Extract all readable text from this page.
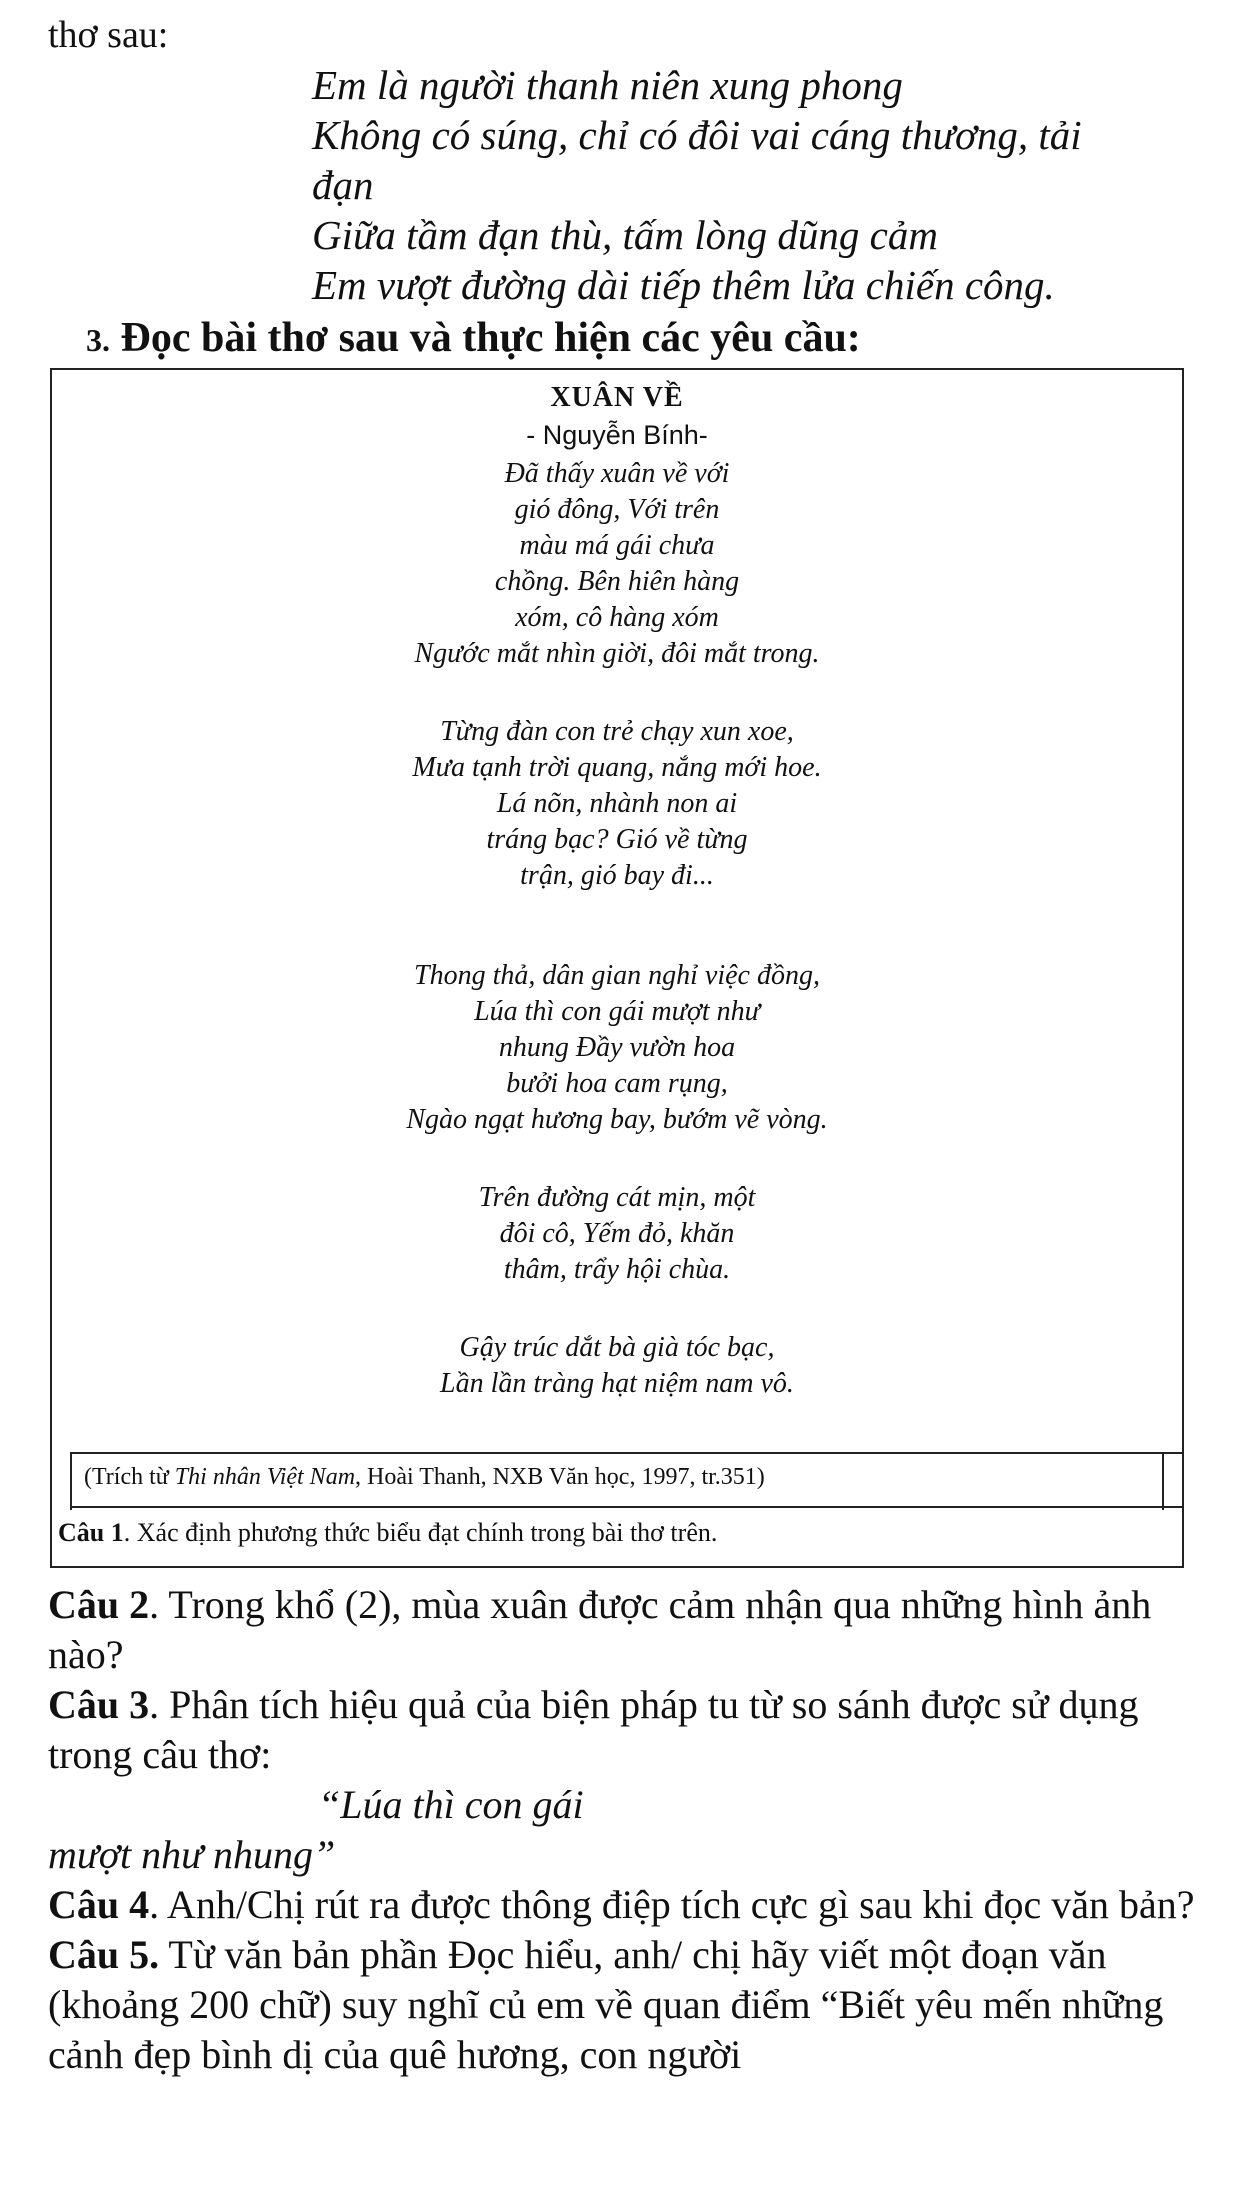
thơ sau:
Em là người thanh niên xung phong
Không có súng, chỉ có đôi vai cáng thương, tải
đạn
Giữa tầm đạn thù, tấm lòng dũng cảm
Em vượt đường dài tiếp thêm lửa chiến công.
3. Đọc bài thơ sau và thực hiện các yêu cầu:
XUÂN VỀ
- Nguyễn Bính-
Đã thấy xuân về với
gió đông, Với trên
màu má gái chưa
chồng. Bên hiên hàng
xóm, cô hàng xóm
Ngước mắt nhìn giời, đôi mắt trong.
Từng đàn con trẻ chạy xun xoe,
Mưa tạnh trời quang, nắng mới hoe.
Lá nõn, nhành non ai
tráng bạc? Gió về từng
trận, gió bay đi...
Thong thả, dân gian nghỉ việc đồng,
Lúa thì con gái mượt như
nhung Đầy vườn hoa
bưởi hoa cam rụng,
Ngào ngạt hương bay, bướm vẽ vòng.
Trên đường cát mịn, một
đôi cô, Yếm đỏ, khăn
thâm, trẩy hội chùa.
Gậy trúc dắt bà già tóc bạc,
Lần lần tràng hạt niệm nam vô.
(Trích từ Thi nhân Việt Nam, Hoài Thanh, NXB Văn học, 1997, tr.351)
Câu 1. Xác định phương thức biểu đạt chính trong bài thơ trên.

Câu 2. Trong khổ (2), mùa xuân được cảm nhận qua những hình ảnh nào?

Câu 3. Phân tích hiệu quả của biện pháp tu từ so sánh được sử dụng trong câu thơ:

“Lúa thì con gái

mượt như nhung”

Câu 4. Anh/Chị rút ra được thông điệp tích cực gì sau khi đọc văn bản?

Câu 5. Từ văn bản phần Đọc hiểu, anh/ chị hãy viết một đoạn văn (khoảng 200 chữ) suy nghĩ củ em về quan điểm “Biết yêu mến những cảnh đẹp bình dị của quê hương, con người
